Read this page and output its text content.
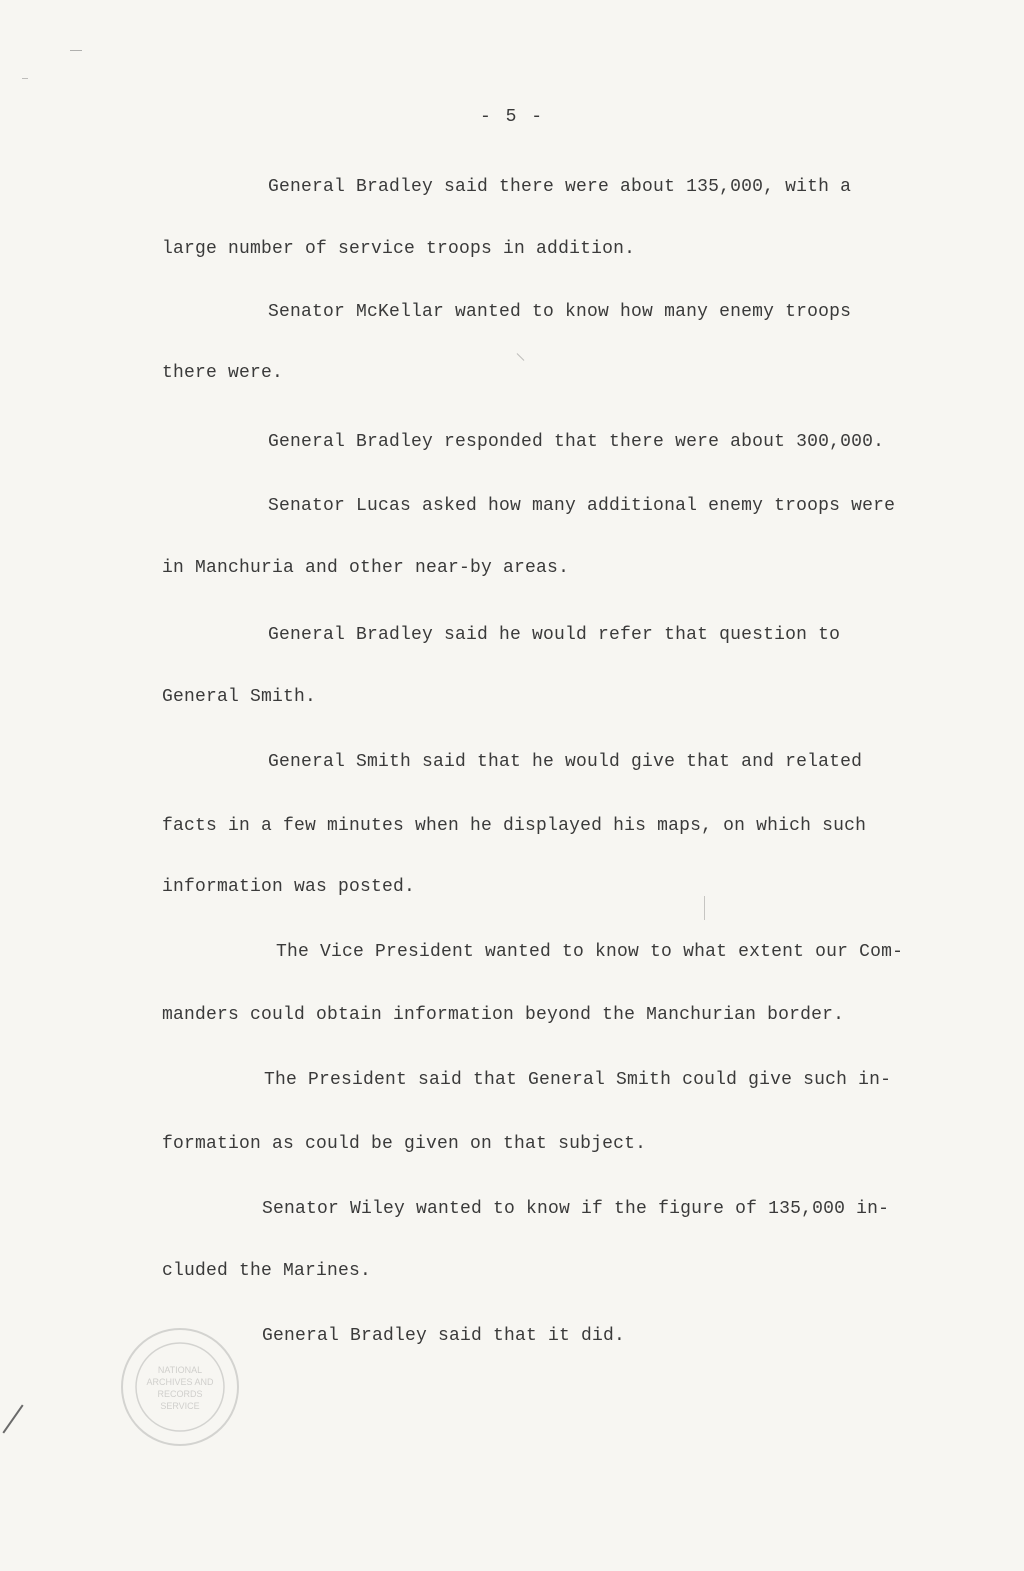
- 5 -
General Bradley said there were about 135,000, with a
large number of service troops in addition.
Senator McKellar wanted to know how many enemy troops
there were.
General Bradley responded that there were about 300,000.
Senator Lucas asked how many additional enemy troops were
in Manchuria and other near-by areas.
General Bradley said he would refer that question to
General Smith.
General Smith said that he would give that and related
facts in a few minutes when he displayed his maps, on which such
information was posted.
The Vice President wanted to know to what extent our Com-
manders could obtain information beyond the Manchurian border.
The President said that General Smith could give such in-
formation as could be given on that subject.
Senator Wiley wanted to know if the figure of 135,000 in-
cluded the Marines.
General Bradley said that it did.
NATIONAL
ARCHIVES AND
RECORDS
SERVICE
